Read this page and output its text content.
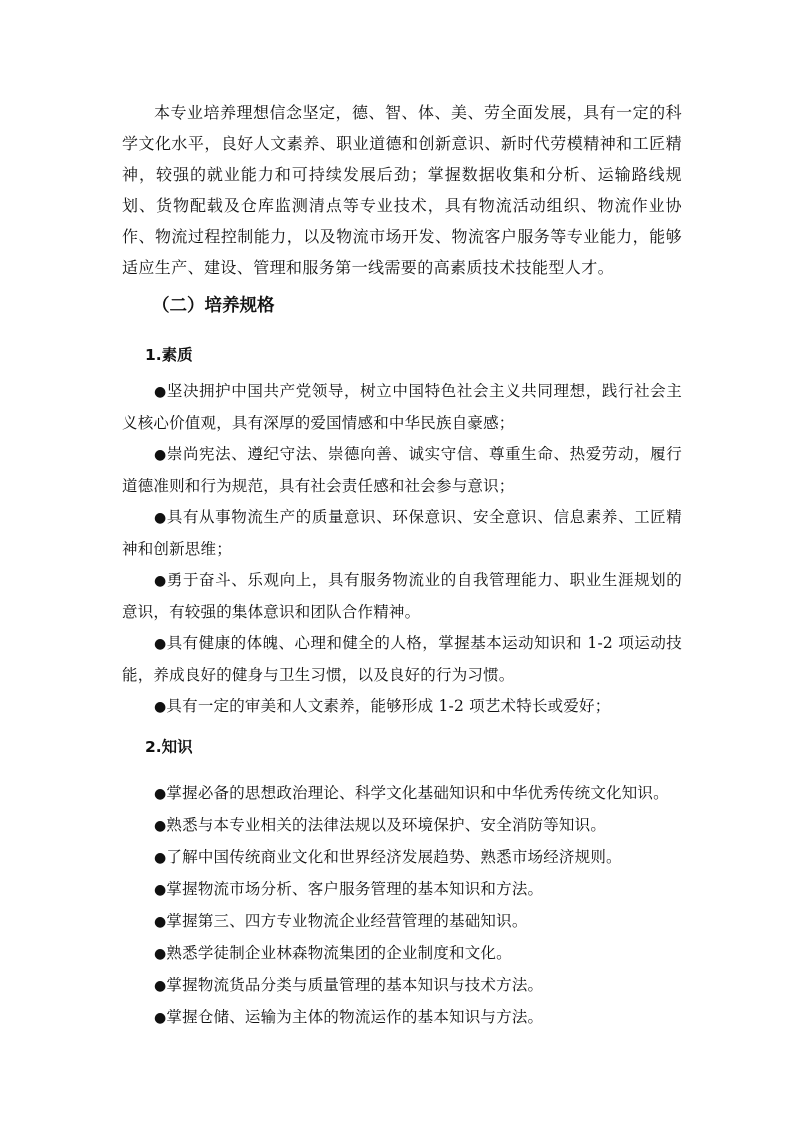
本专业培养理想信念坚定，德、智、体、美、劳全面发展，具有一定的科学文化水平，良好人文素养、职业道德和创新意识、新时代劳模精神和工匠精神，较强的就业能力和可持续发展后劲；掌握数据收集和分析、运输路线规划、货物配载及仓库监测清点等专业技术，具有物流活动组织、物流作业协作、物流过程控制能力，以及物流市场开发、物流客户服务等专业能力，能够适应生产、建设、管理和服务第一线需要的高素质技术技能型人才。

（二）培养规格
1.素质
●坚决拥护中国共产党领导，树立中国特色社会主义共同理想，践行社会主义核心价值观，具有深厚的爱国情感和中华民族自豪感；
●崇尚宪法、遵纪守法、崇德向善、诚实守信、尊重生命、热爱劳动，履行道德准则和行为规范，具有社会责任感和社会参与意识；
●具有从事物流生产的质量意识、环保意识、安全意识、信息素养、工匠精神和创新思维；
●勇于奋斗、乐观向上，具有服务物流业的自我管理能力、职业生涯规划的意识，有较强的集体意识和团队合作精神。
●具有健康的体魄、心理和健全的人格，掌握基本运动知识和 1-2 项运动技能，养成良好的健身与卫生习惯，以及良好的行为习惯。
●具有一定的审美和人文素养，能够形成 1-2 项艺术特长或爱好；
2.知识
●掌握必备的思想政治理论、科学文化基础知识和中华优秀传统文化知识。
●熟悉与本专业相关的法律法规以及环境保护、安全消防等知识。
●了解中国传统商业文化和世界经济发展趋势、熟悉市场经济规则。
●掌握物流市场分析、客户服务管理的基本知识和方法。
●掌握第三、四方专业物流企业经营管理的基础知识。
●熟悉学徒制企业林森物流集团的企业制度和文化。
●掌握物流货品分类与质量管理的基本知识与技术方法。
●掌握仓储、运输为主体的物流运作的基本知识与方法。
